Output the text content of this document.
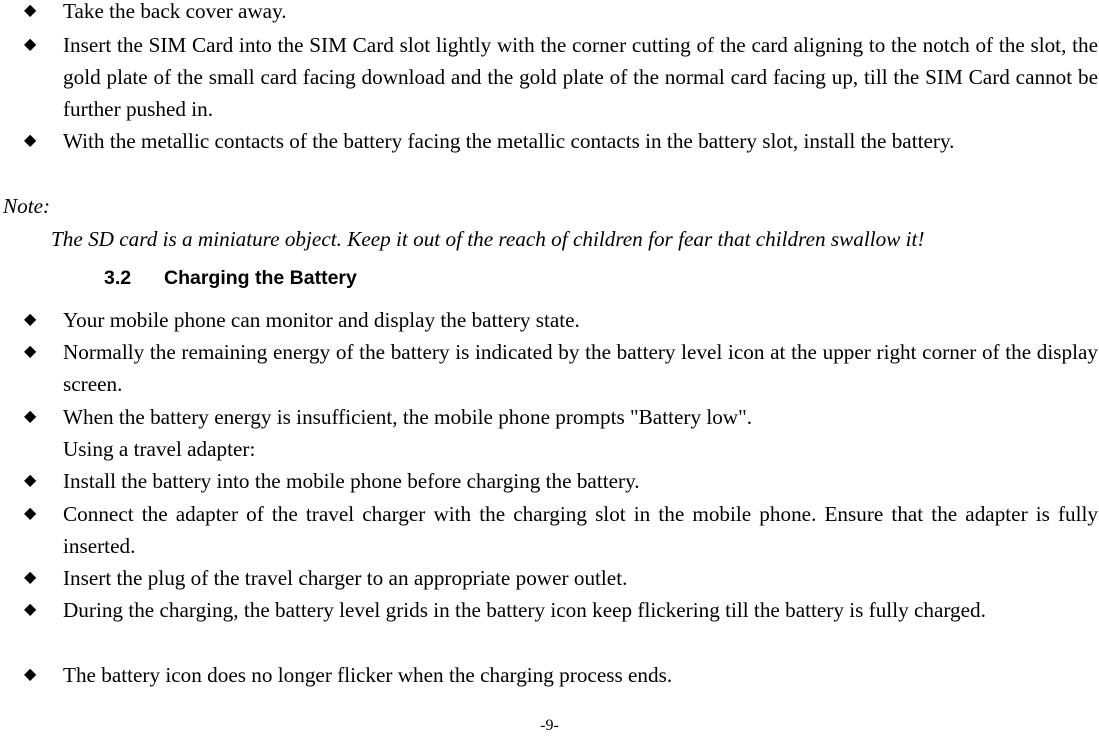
◆ Take the back cover away.
◆ Insert the SIM Card into the SIM Card slot lightly with the corner cutting of the card aligning to the notch of the slot, the gold plate of the small card facing download and the gold plate of the normal card facing up, till the SIM Card cannot be further pushed in.
◆ With the metallic contacts of the battery facing the metallic contacts in the battery slot, install the battery.
Note:
The SD card is a miniature object. Keep it out of the reach of children for fear that children swallow it!
3.2 Charging the Battery
◆ Your mobile phone can monitor and display the battery state.
◆ Normally the remaining energy of the battery is indicated by the battery level icon at the upper right corner of the display screen.
◆ When the battery energy is insufficient, the mobile phone prompts "Battery low".
Using a travel adapter:
◆ Install the battery into the mobile phone before charging the battery.
◆ Connect the adapter of the travel charger with the charging slot in the mobile phone. Ensure that the adapter is fully inserted.
◆ Insert the plug of the travel charger to an appropriate power outlet.
◆ During the charging, the battery level grids in the battery icon keep flickering till the battery is fully charged.
◆ The battery icon does no longer flicker when the charging process ends.
-9-
